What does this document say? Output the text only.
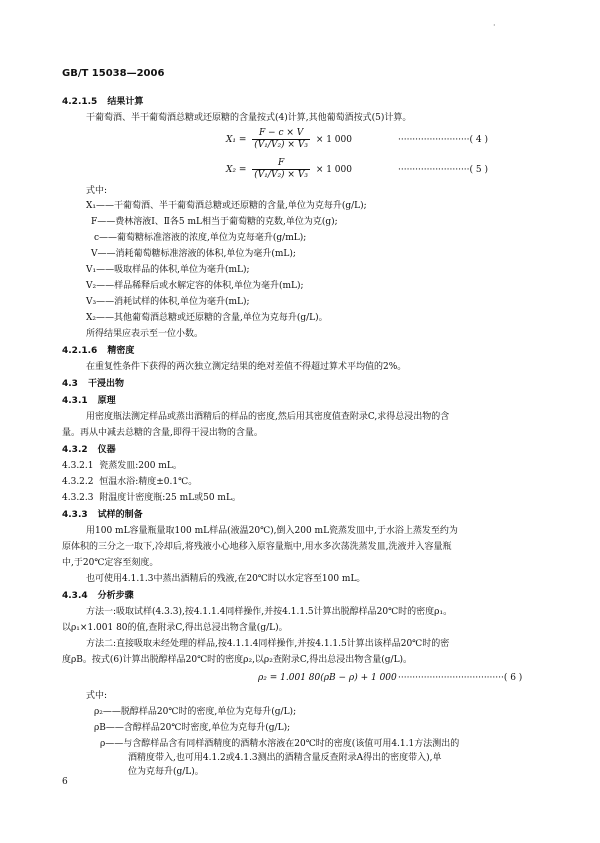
·
GB/T 15038—2006
4.2.1.5 结果计算
干葡萄酒、半干葡萄酒总糖或还原糖的含量按式(4)计算,其他葡萄酒按式(5)计算。
$X_1 = \frac{F - c \times V}{\text{(V₁/V₂) × V₃}} \times 1$ 000	·························( 4 )
$X_2 = \frac{F}{\text{(V₁/V₂) × V₃}} \times 1$ 000	·························( 5 )
式中:
X₁——干葡萄酒、半干葡萄酒总糖或还原糖的含量,单位为克每升(g/L);
F——费林溶液Ⅰ、Ⅱ各5 mL相当于葡萄糖的克数,单位为克(g);
c——葡萄糖标准溶液的浓度,单位为克每毫升(g/mL);
V——消耗葡萄糖标准溶液的体积,单位为毫升(mL);
V₁——吸取样品的体积,单位为毫升(mL);
V₂——样品稀释后或水解定容的体积,单位为毫升(mL);
V₃——消耗试样的体积,单位为毫升(mL);
X₂——其他葡萄酒总糖或还原糖的含量,单位为克每升(g/L)。
所得结果应表示至一位小数。
4.2.1.6 精密度
在重复性条件下获得的两次独立测定结果的绝对差值不得超过算术平均值的2%。
4.3 干浸出物
4.3.1 原理
用密度瓶法测定样品或蒸出酒精后的样品的密度,然后用其密度值查附录C,求得总浸出物的含
量。再从中减去总糖的含量,即得干浸出物的含量。
4.3.2 仪器
4.3.2.1 瓷蒸发皿:200 mL。
4.3.2.2 恒温水浴:精度±0.1℃。
4.3.2.3 附温度计密度瓶:25 mL或50 mL。
4.3.3 试样的制备
用100 mL容量瓶量取100 mL样品(液温20℃),倒入200 mL瓷蒸发皿中,于水浴上蒸发至约为
原体积的三分之一取下,冷却后,将残液小心地移入原容量瓶中,用水多次荡洗蒸发皿,洗液并入容量瓶
中,于20℃定容至刻度。
也可使用4.1.1.3中蒸出酒精后的残液,在20℃时以水定容至100 mL。
4.3.4 分析步骤
方法一:吸取试样(4.3.3),按4.1.1.4同样操作,并按4.1.1.5计算出脱醇样品20℃时的密度ρ₁。
以ρ₁×1.001 80的值,查附录C,得出总浸出物含量(g/L)。
方法二:直接吸取未经处理的样品,按4.1.1.4同样操作,并按4.1.1.5计算出该样品20℃时的密
度ρB。按式(6)计算出脱醇样品20℃时的密度ρ₂,以ρ₂查附录C,得出总浸出物含量(g/L)。
ρ₂ = 1.001 80(ρB − ρ) + 1 000 ·····································( 6 )
式中:
ρ₂——脱醇样品20℃时的密度,单位为克每升(g/L);
ρB——含醇样品20℃时密度,单位为克每升(g/L);
ρ——与含醇样品含有同样酒精度的酒精水溶液在20℃时的密度(该值可用4.1.1方法测出的
酒精度带入,也可用4.1.2或4.1.3测出的酒精含量反查附录A得出的密度带入),单
位为克每升(g/L)。
6
